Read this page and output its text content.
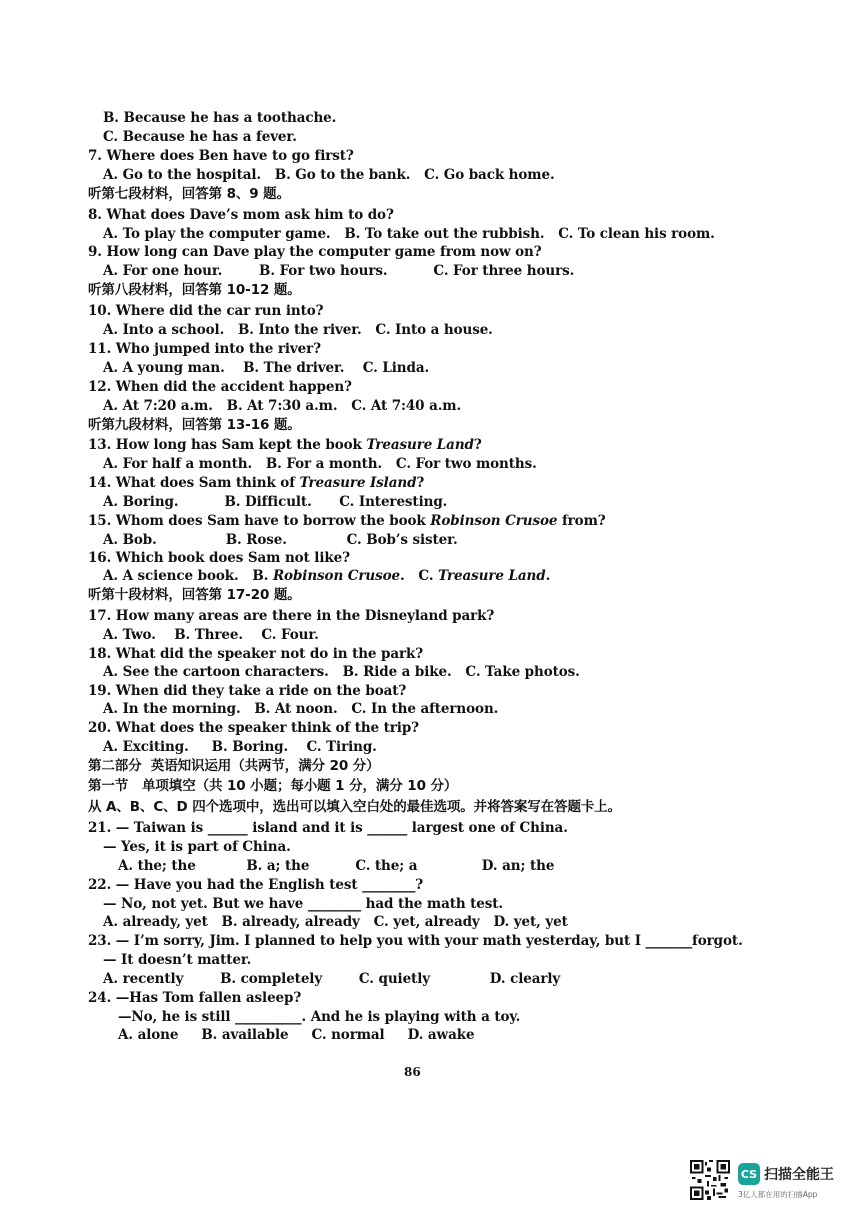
B. Because he has a toothache.
C. Because he has a fever.
7. Where does Ben have to go first?
A. Go to the hospital.   B. Go to the bank.   C. Go back home.
听第七段材料，回答第 8、9 题。
8. What does Dave’s mom ask him to do?
A. To play the computer game.   B. To take out the rubbish.   C. To clean his room.
9. How long can Dave play the computer game from now on?
A. For one hour.        B. For two hours.          C. For three hours.
听第八段材料，回答第 10-12 题。
10. Where did the car run into?
A. Into a school.   B. Into the river.   C. Into a house.
11. Who jumped into the river?
A. A young man.    B. The driver.    C. Linda.
12. When did the accident happen?
A. At 7:20 a.m.   B. At 7:30 a.m.   C. At 7:40 a.m.
听第九段材料，回答第 13-16 题。
13. How long has Sam kept the book Treasure Land?
A. For half a month.   B. For a month.   C. For two months.
14. What does Sam think of Treasure Island?
A. Boring.          B. Difficult.      C. Interesting.
15. Whom does Sam have to borrow the book Robinson Crusoe from?
A. Bob.               B. Rose.             C. Bob’s sister.
16. Which book does Sam not like?
A. A science book.   B. Robinson Crusoe.   C. Treasure Land.
听第十段材料，回答第 17-20 题。
17. How many areas are there in the Disneyland park?
A. Two.    B. Three.    C. Four.
18. What did the speaker not do in the park?
A. See the cartoon characters.   B. Ride a bike.   C. Take photos.
19. When did they take a ride on the boat?
A. In the morning.   B. At noon.   C. In the afternoon.
20. What does the speaker think of the trip?
A. Exciting.     B. Boring.    C. Tiring.
第二部分  英语知识运用（共两节，满分 20 分）
第一节   单项填空（共 10 小题；每小题 1 分，满分 10 分）
从 A、B、C、D 四个选项中，选出可以填入空白处的最佳选项。并将答案写在答题卡上。
21. — Taiwan is ______ island and it is ______ largest one of China.
— Yes, it is part of China.
A. the; the           B. a; the          C. the; a              D. an; the
22. — Have you had the English test ________?
— No, not yet. But we have ________ had the math test.
A. already, yet   B. already, already   C. yet, already   D. yet, yet
23. — I’m sorry, Jim. I planned to help you with your math yesterday, but I _______forgot.
— It doesn’t matter.
A. recently        B. completely        C. quietly             D. clearly
24. —Has Tom fallen asleep?
—No, he is still __________. And he is playing with a toy.
A. alone     B. available     C. normal     D. awake
86
CS 扫描全能王
3亿人都在用的扫描App
